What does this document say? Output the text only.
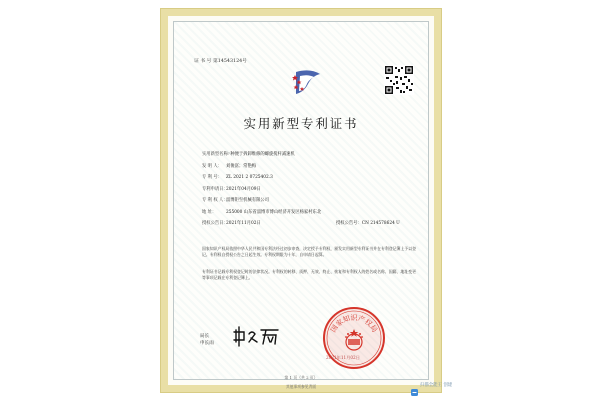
证 书 号 第14543124号
实用新型专利证书
实用新型名称：
一种便于拆卸维修的螺旋搅杆减速机
发 明 人： 刘俊富；常艳梅
专 利 号： ZL 2021 2 0725402.3
专利申请日：
2021年04月09日
专 利 权 人：
淄博钜至机械有限公司
地 址： 255000 山东省淄博市博山经济开发区杨家村东北
授权公告日：
2021年11月02日	授权公告号：CN 214578624 U
国家知识产权局依照中华人民共和国专利法经过初步审查，决定授予专利权，颁发实用新型专利证书并在专利登记簿上予以登记。专利权自授权公告之日起生效。专利权期限为十年，自申请日起算。
专利证书记载专利权登记时的法律状况。专利权的转移、质押、无效、终止、恢复和专利权人的姓名或名称、国籍、地址变更等事项记载在专利登记簿上。
局长
申长雨
国家知识产权局
2021年11月02日
第 1 页（共 2 页）
其他事项参见背面	扫描全能王 创建
